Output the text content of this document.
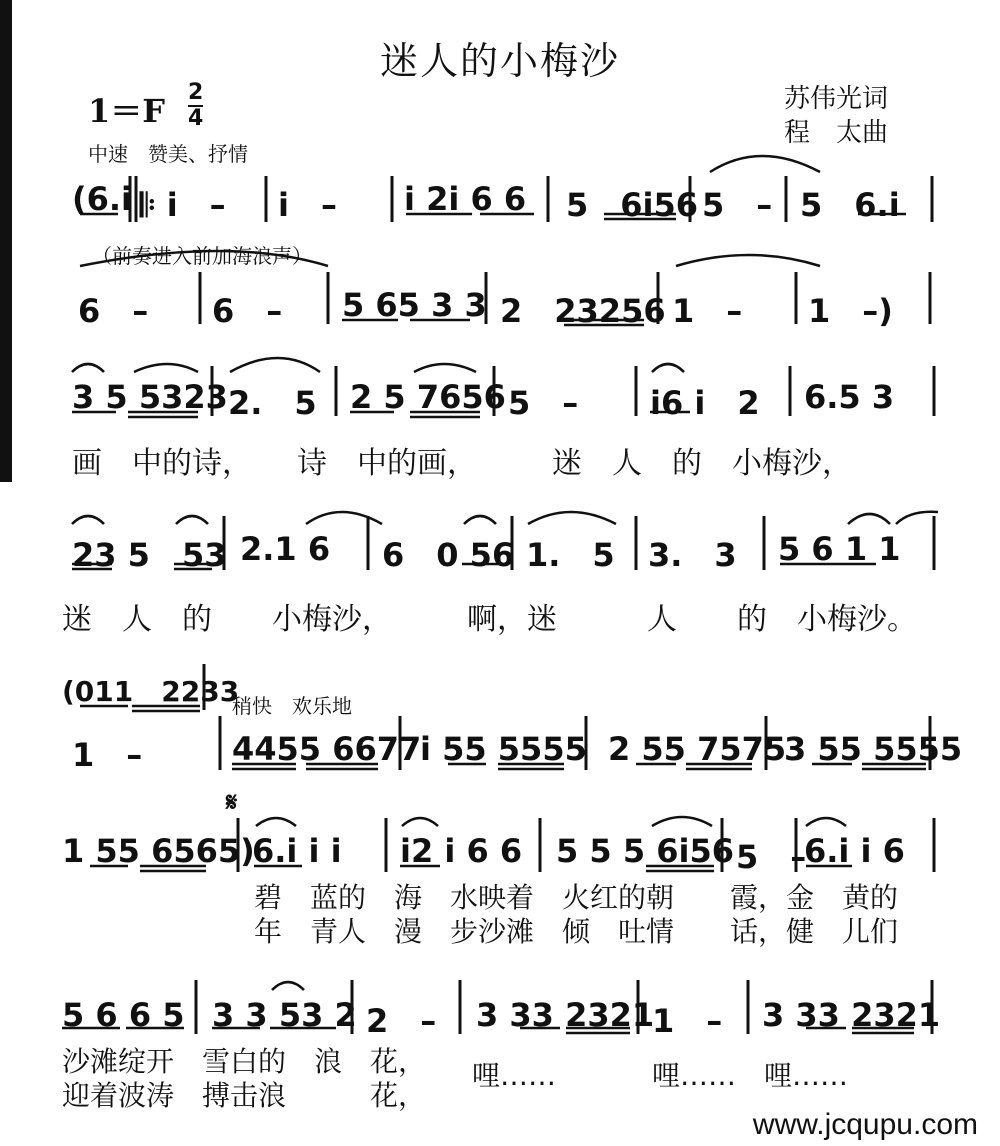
迷人的小梅沙
1＝F 2
4
苏伟光词
程　太曲
中速　赞美、抒情
(6.i 𝄆 i　– i　– i 2i 6 6 5　6i56 5　– 5　6.i
（前奏进入前加海浪声）
6　– 6　– 5 65 3 3 2　23256 1　– 1　–)
3 5 5323 2.　5 2 5 7656 5　– i6 i　2 6.5 3
画　中的诗，　　诗　中的画，　　　迷　人　的　小梅沙，
23 5　53 2.1 6 6　0 56 1.　5 3.　3 5 6 1 1
迷　人　的　　小梅沙，　　　啊，迷　　　人　　的　小梅沙。
(011　2233
稍快　欢乐地
1　–	4455 6677
i 55 5555 2 55 7575
3 55 5555
𝄋
1 55 6565)
6.i i i i2 i 6 6 5 5 5 6i56 5　–
6.i i 6
碧　蓝的　海　水映着　火红的朝　　霞，金　黄的
年　青人　漫　步沙滩　倾　吐情　　话，健　儿们
5 6 6 5 3 3 53 2 2　– 3 33 2321
1　– 3 33 2321
沙滩绽开　雪白的　浪　花，
迎着波涛　搏击浪　　　花，
哩……	哩……　哩……
www.jcqupu.com
